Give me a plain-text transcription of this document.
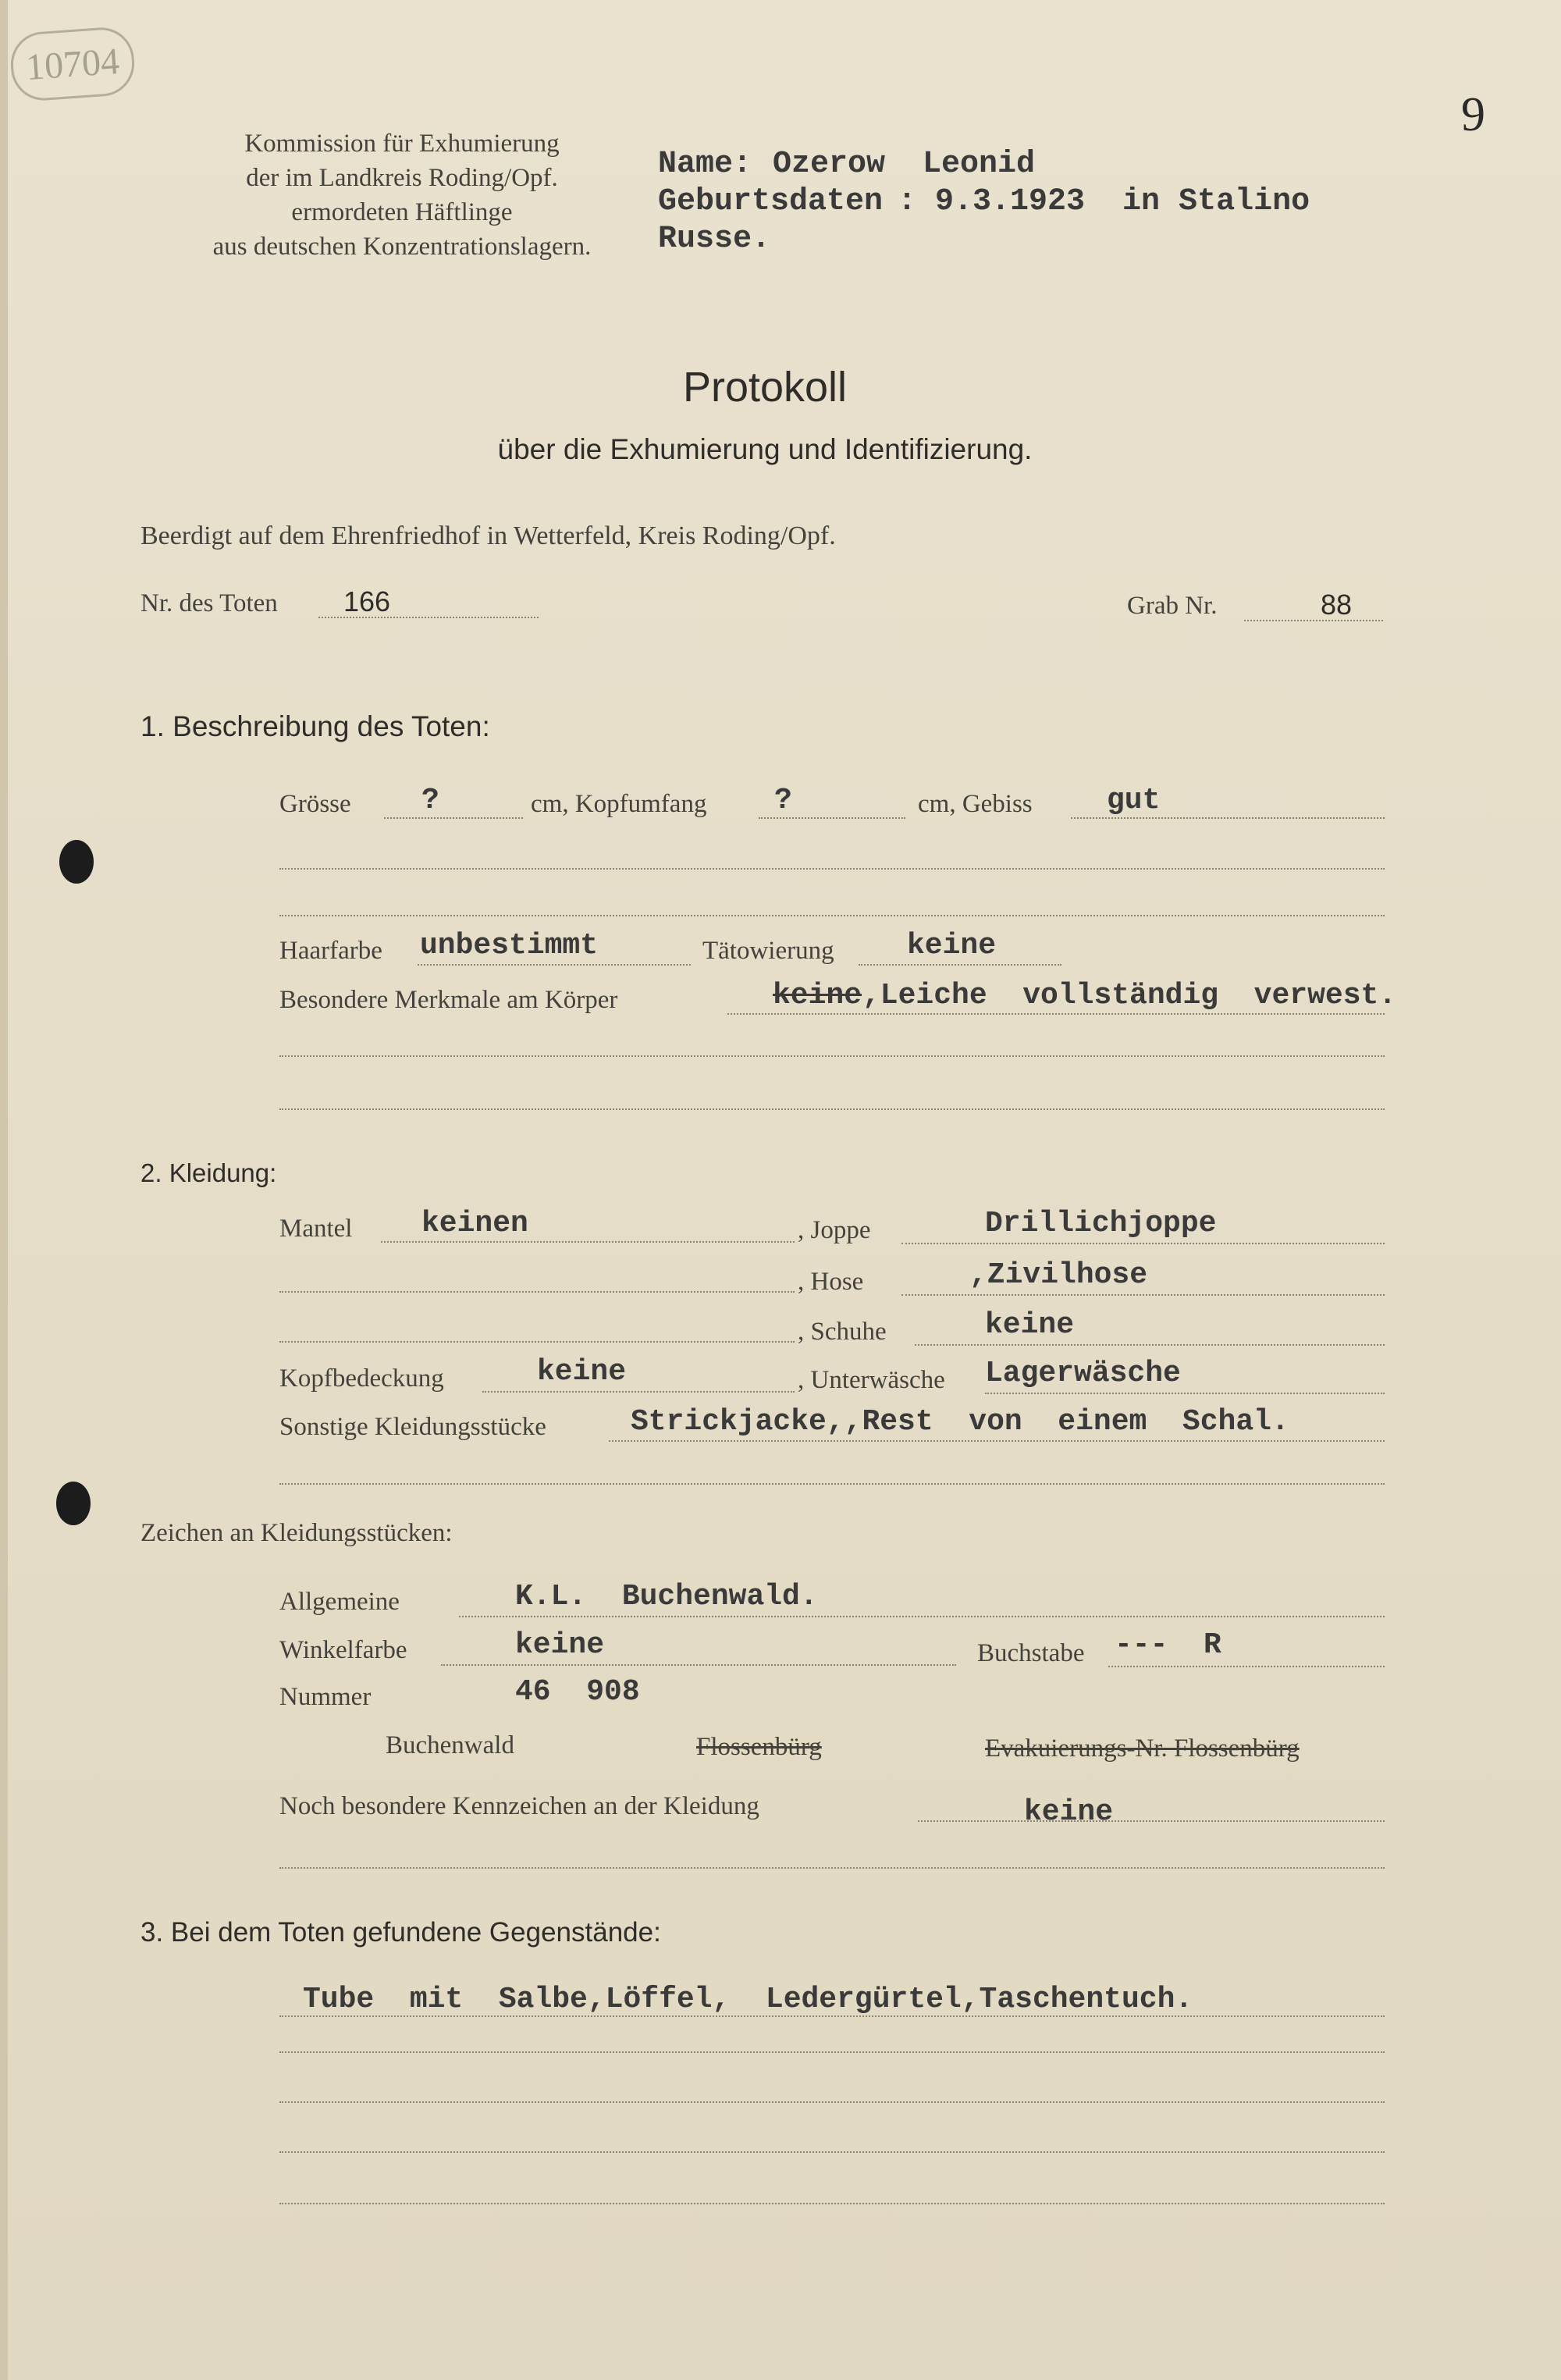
10704
9
Kommission für Exhumierung
der im Landkreis Roding/Opf.
ermordeten Häftlinge
aus deutschen Konzentrationslagern.
Name: Ozerow  Leonid
Geburtsdaten : 9.3.1923  in Stalino
Russe.
Protokoll
über die Exhumierung und Identifizierung.
Beerdigt auf dem Ehrenfriedhof in Wetterfeld, Kreis Roding/Opf.
Nr. des Toten 166	Grab Nr.	88
1. Beschreibung des Toten:
Grösse ?	cm, Kopfumfang ?	cm, Gebiss	gut
Haarfarbe unbestimmt	Tätowierung keine
Besondere Merkmale am Körper	keine ,Leiche  vollständig  verwest.
2. Kleidung:
Mantel keinen	, Joppe	Drillichjoppe
, Hose	,Zivilhose
, Schuhe	keine
Kopfbedeckung	keine	, Unterwäsche Lagerwäsche
Sonstige Kleidungsstücke	Strickjacke,,Rest  von  einem  Schal.
Zeichen an Kleidungsstücken:
Allgemeine	K.L.  Buchenwald.
Winkelfarbe	keine	Buchstabe ---  R
Nummer	46  908
Buchenwald	Flossenbürg	Evakuierungs-Nr. Flossenbürg
Noch besondere Kennzeichen an der Kleidung	keine
3. Bei dem Toten gefundene Gegenstände:
Tube  mit  Salbe,Löffel,  Ledergürtel,Taschentuch.
